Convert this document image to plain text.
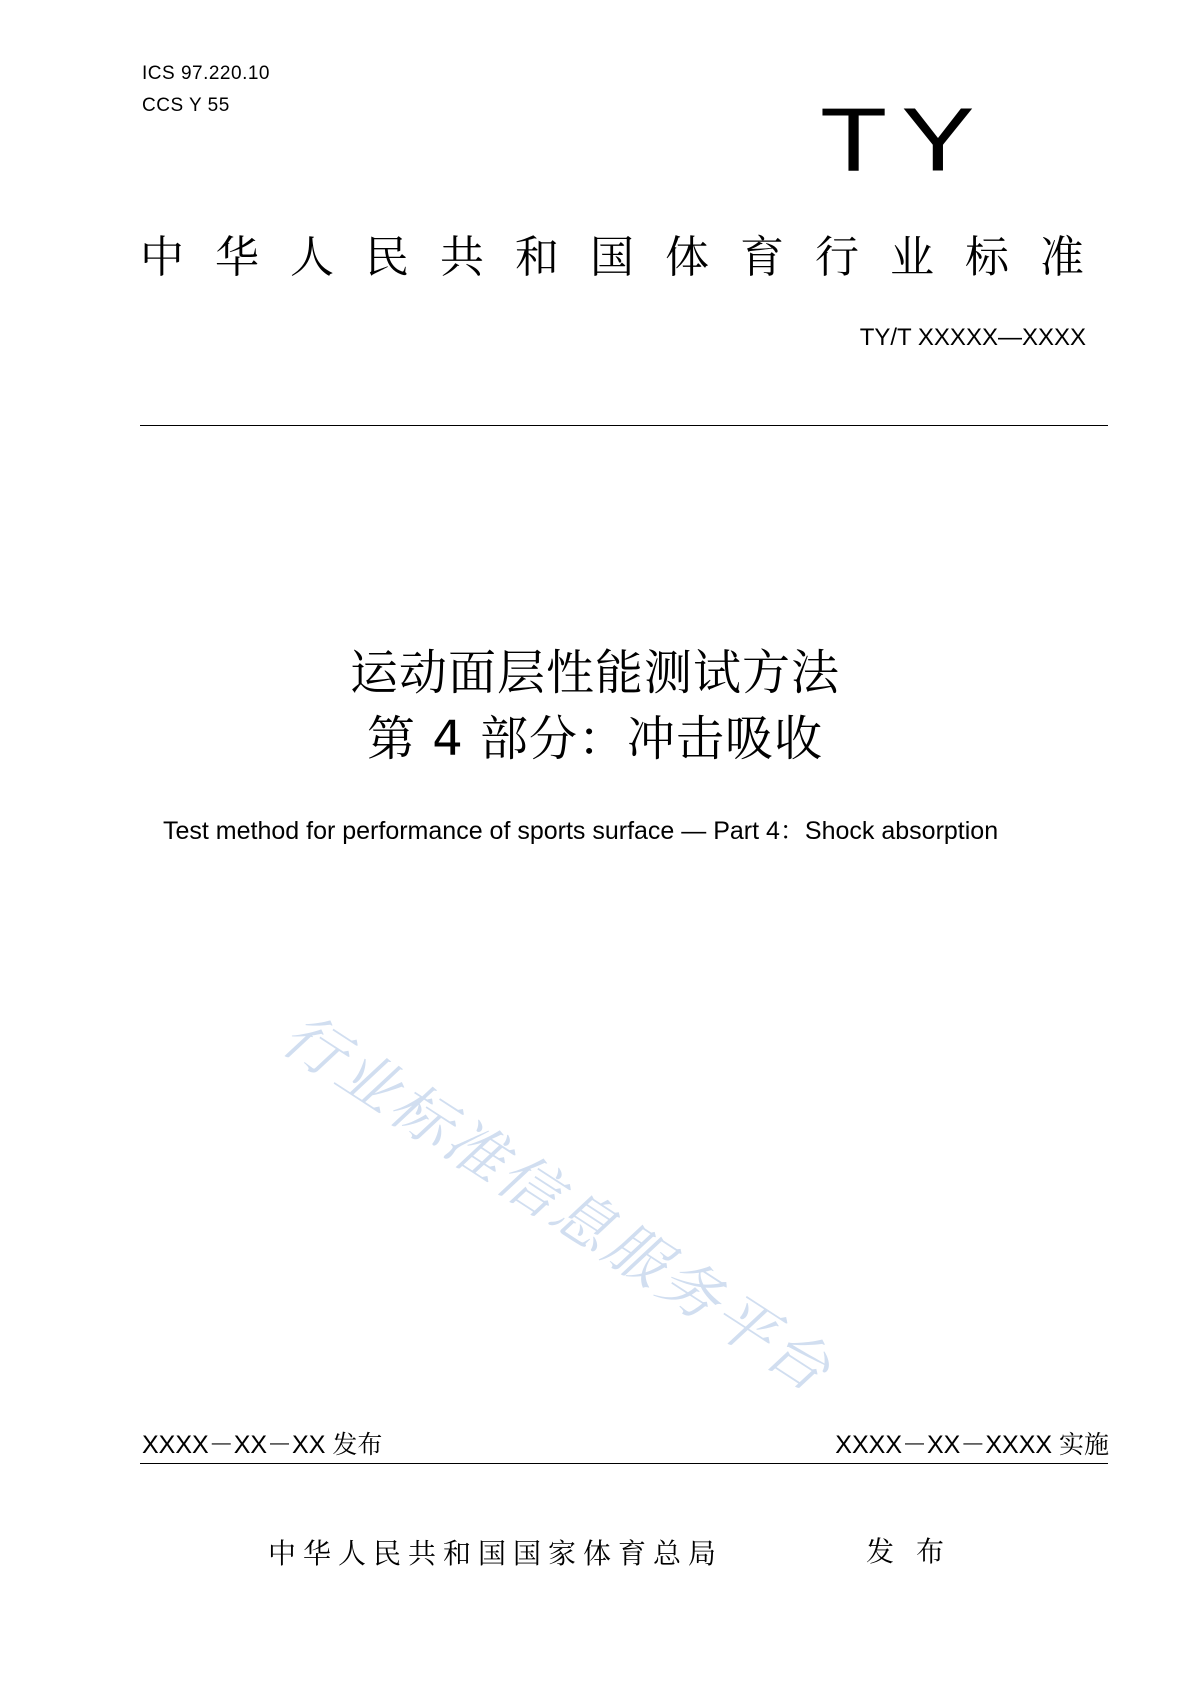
ICS 97.220.10
CCS Y 55	TY
中华人民共和国体育行业标准
TY/T XXXXX—XXXX
运动面层性能测试方法
第 4 部分：冲击吸收
Test method for performance of sports surface — Part 4：Shock absorption
行业标准信息服务平台
XXXX－XX－XX 发布	XXXX－XX－XXXX 实施
中华人民共和国国家体育总局	发布
